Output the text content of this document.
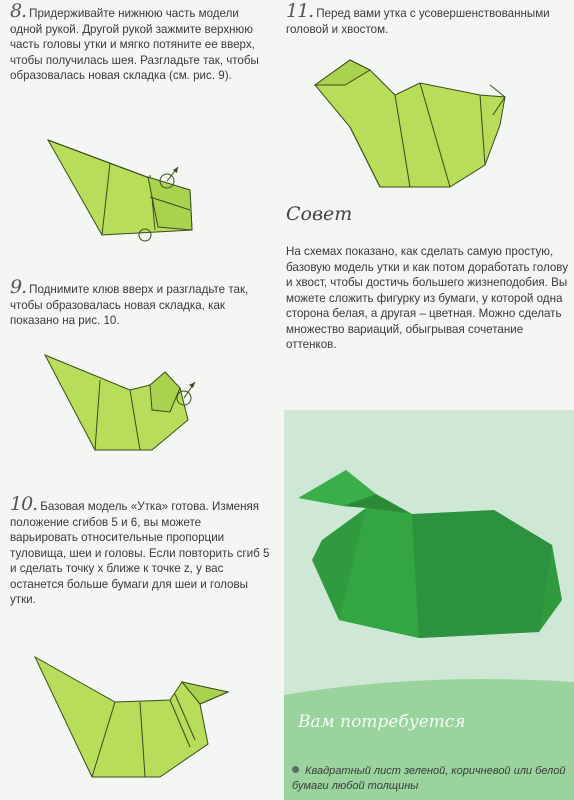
8. Придерживайте нижнюю часть модели одной рукой. Другой рукой зажмите верхнюю часть головы утки и мягко потяните ее вверх, чтобы получилась шея. Разгладьте так, чтобы образовалась новая складка (см. рис. 9).
9. Поднимите клюв вверх и разгладьте так, чтобы образовалась новая складка, как показано на рис. 10.
10. Базовая модель «Утка» готова. Изменяя положение сгибов 5 и 6, вы можете варьировать относительные пропорции туловища, шеи и головы. Если повторить сгиб 5 и сделать точку x ближе к точке z, у вас останется больше бумаги для шеи и головы утки.
11. Перед вами утка с усовершенствованными головой и хвостом.
Совет
На схемах показано, как сделать самую простую, базовую модель утки и как потом доработать голову и хвост, чтобы достичь большего жизнеподобия. Вы можете сложить фигурку из бумаги, у которой одна сторона белая, а другая – цветная. Можно сделать множество вариаций, обыгрывая сочетание оттенков.
Вам потребуется
Квадратный лист зеленой, коричневой или белой бумаги любой толщины
